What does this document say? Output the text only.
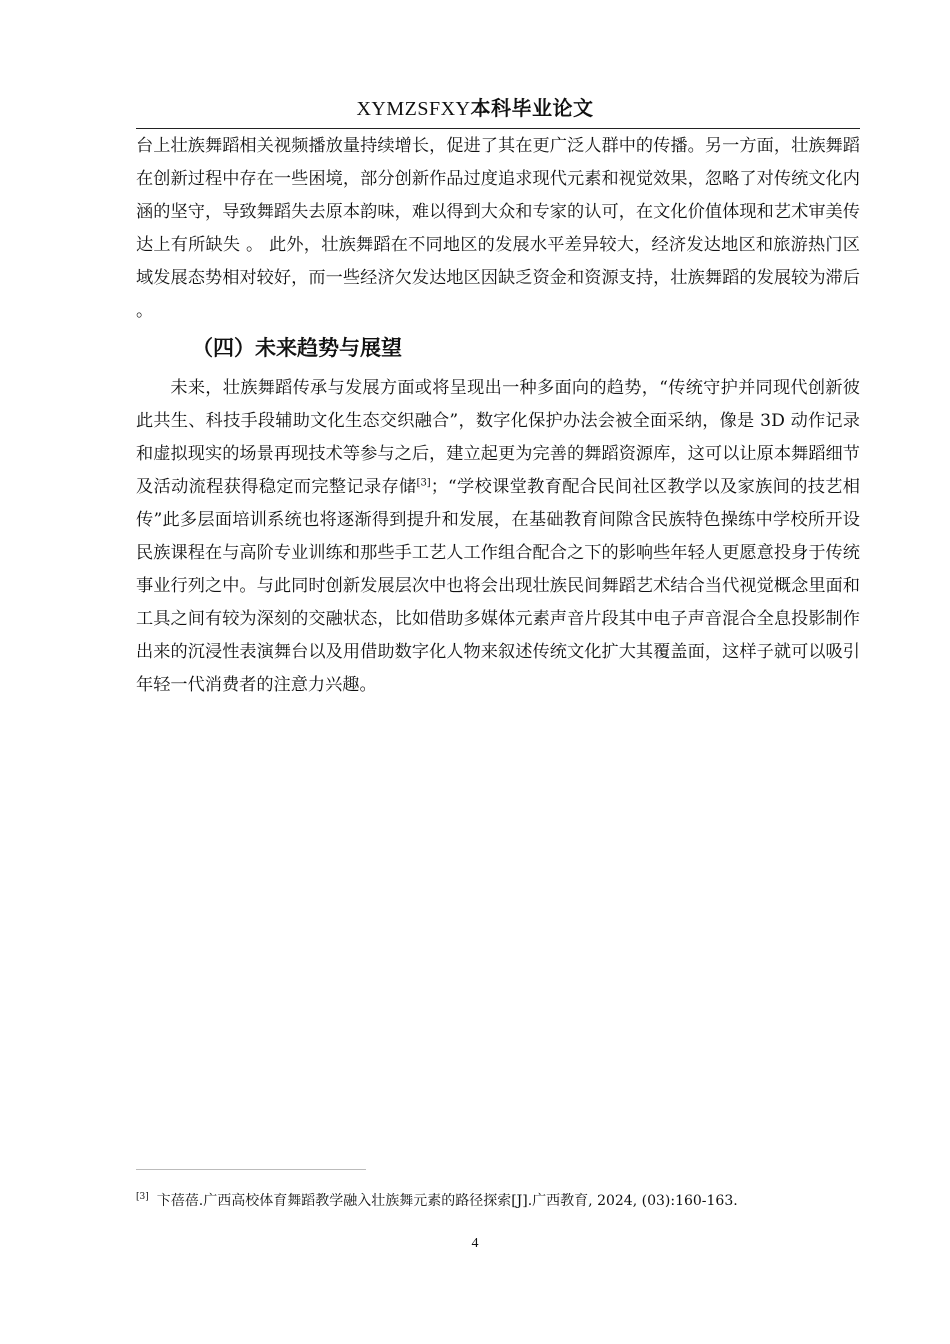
XYMZSFXY本科毕业论文

台上壮族舞蹈相关视频播放量持续增长，促进了其在更广泛人群中的传播。另一方面，壮族舞蹈在创新过程中存在一些困境，部分创新作品过度追求现代元素和视觉效果，忽略了对传统文化内涵的坚守，导致舞蹈失去原本韵味，难以得到大众和专家的认可，在文化价值体现和艺术审美传达上有所缺失 。 此外，壮族舞蹈在不同地区的发展水平差异较大，经济发达地区和旅游热门区域发展态势相对较好，而一些经济欠发达地区因缺乏资金和资源支持，壮族舞蹈的发展较为滞后 。

（四）未来趋势与展望

未来，壮族舞蹈传承与发展方面或将呈现出一种多面向的趋势，“传统守护并同现代创新彼此共生、科技手段辅助文化生态交织融合”，数字化保护办法会被全面采纳，像是 3D 动作记录和虚拟现实的场景再现技术等参与之后，建立起更为完善的舞蹈资源库，这可以让原本舞蹈细节及活动流程获得稳定而完整记录存储[3]；“学校课堂教育配合民间社区教学以及家族间的技艺相传”此多层面培训系统也将逐渐得到提升和发展，在基础教育间隙含民族特色操练中学校所开设民族课程在与高阶专业训练和那些手工艺人工作组合配合之下的影响些年轻人更愿意投身于传统事业行列之中。与此同时创新发展层次中也将会出现壮族民间舞蹈艺术结合当代视觉概念里面和工具之间有较为深刻的交融状态，比如借助多媒体元素声音片段其中电子声音混合全息投影制作出来的沉浸性表演舞台以及用借助数字化人物来叙述传统文化扩大其覆盖面，这样子就可以吸引年轻一代消费者的注意力兴趣。

[3] 卞蓓蓓.广西高校体育舞蹈教学融入壮族舞元素的路径探索[J].广西教育, 2024, (03):160-163.
4
